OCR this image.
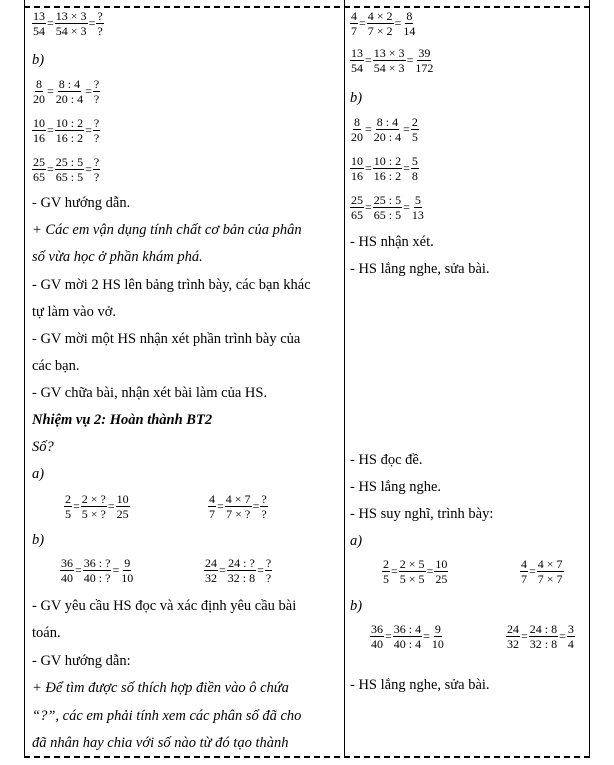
$\frac{13}{54} = \frac{13 \times 3}{54 \times 3}$ = ?
?
b)
$\frac{8}{20} = \frac{8 : 4}{20 : 4}$ = ?
?
$\frac{10}{16} = \frac{10 : 2}{16 : 2}$ = ?
?
$\frac{25}{65} = \frac{25 : 5}{65 : 5}$ = ?
?
- GV hướng dẫn.
+ Các em vận dụng tính chất cơ bản của phân
số vừa học ở phần khám phá.
- GV mời 2 HS lên bảng trình bày, các bạn khác
tự làm vào vở.
- GV mời một HS nhận xét phần trình bày của
các bạn.
- GV chữa bài, nhận xét bài làm của HS.
Nhiệm vụ 2: Hoàn thành BT2
Số?
a)
$\frac{2}{5} = \frac{2 \times ?}{5 \times ?} = \frac{10}{25}$	$\frac{4}{7} = \frac{4 \times 7}{7 \times ?}$ = ?
?
b)
$\frac{36}{40} = \frac{36 : ?}{40 : ?} = \frac{9}{10}$	$\frac{24}{32} = \frac{24 : ?}{32 : 8}$ = ?
?
- GV yêu cầu HS đọc và xác định yêu cầu bài
toán.
- GV hướng dẫn:
+ Để tìm được số thích hợp điền vào ô chứa
“?”, các em phải tính xem các phân số đã cho
đã nhân hay chia với số nào từ đó tạo thành
$\frac{4}{7} = \frac{4 \times 2}{7 \times 2} = \frac{8}{14}$
$\frac{13}{54} = \frac{13 \times 3}{54 \times 3} = \frac{39}{172}$
b)
$\frac{8}{20} = \frac{8 : 4}{20 : 4} = \frac{2}{5}$
$\frac{10}{16} = \frac{10 : 2}{16 : 2} = \frac{5}{8}$
$\frac{25}{65} = \frac{25 : 5}{65 : 5} = \frac{5}{13}$
- HS nhận xét.
- HS lắng nghe, sửa bài.
- HS đọc đề.
- HS lắng nghe.
- HS suy nghĩ, trình bày:
a)
$\frac{2}{5} = \frac{2 \times 5}{5 \times 5} = \frac{10}{25}$	$\frac{4}{7} = \frac{4 \times 7}{7 \times 7}$
b)
$\frac{36}{40} = \frac{36 : 4}{40 : 4} = \frac{9}{10}$	$\frac{24}{32} = \frac{24 : 8}{32 : 8} = \frac{3}{4}$
- HS lắng nghe, sửa bài.
